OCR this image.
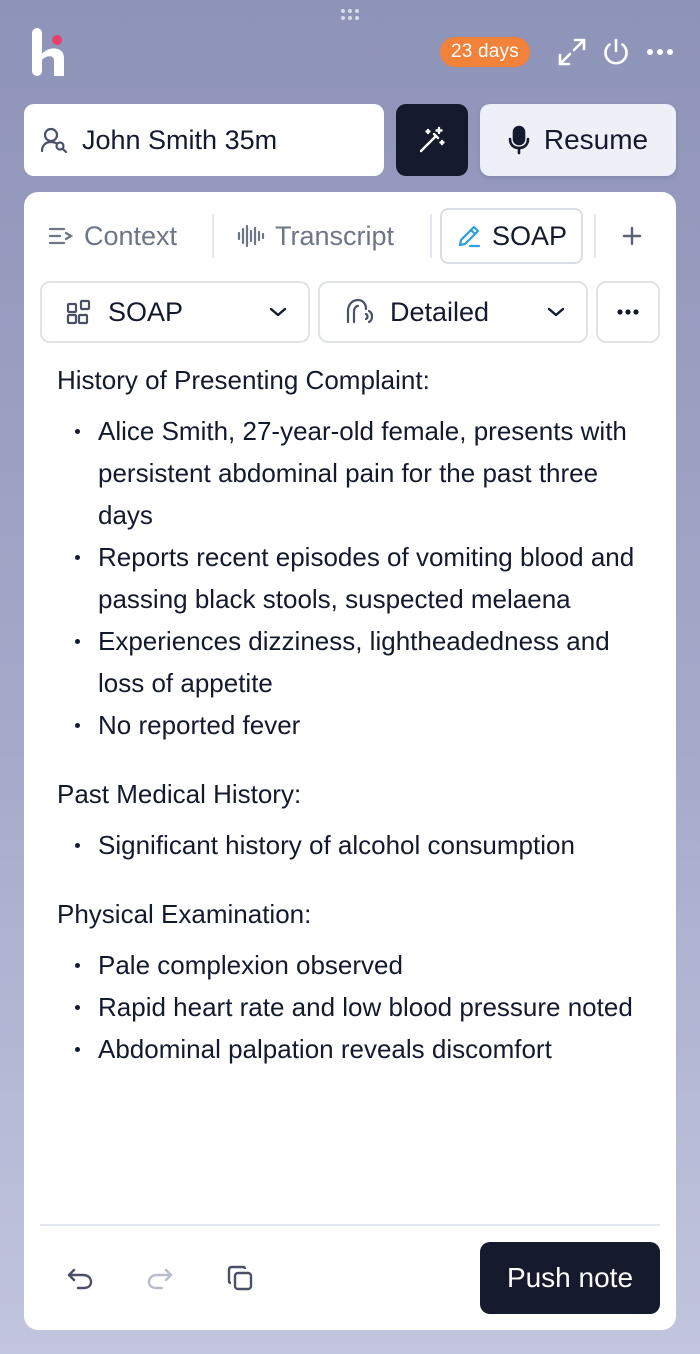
23 days
John Smith 35m
Resume
Context	Transcript	SOAP
SOAP	Detailed
History of Presenting Complaint:
Alice Smith, 27-year-old female, presents with persistent abdominal pain for the past three days
Reports recent episodes of vomiting blood and passing black stools, suspected melaena
Experiences dizziness, lightheadedness and loss of appetite
No reported fever
Past Medical History:
Significant history of alcohol consumption
Physical Examination:
Pale complexion observed
Rapid heart rate and low blood pressure noted
Abdominal palpation reveals discomfort
Push note
